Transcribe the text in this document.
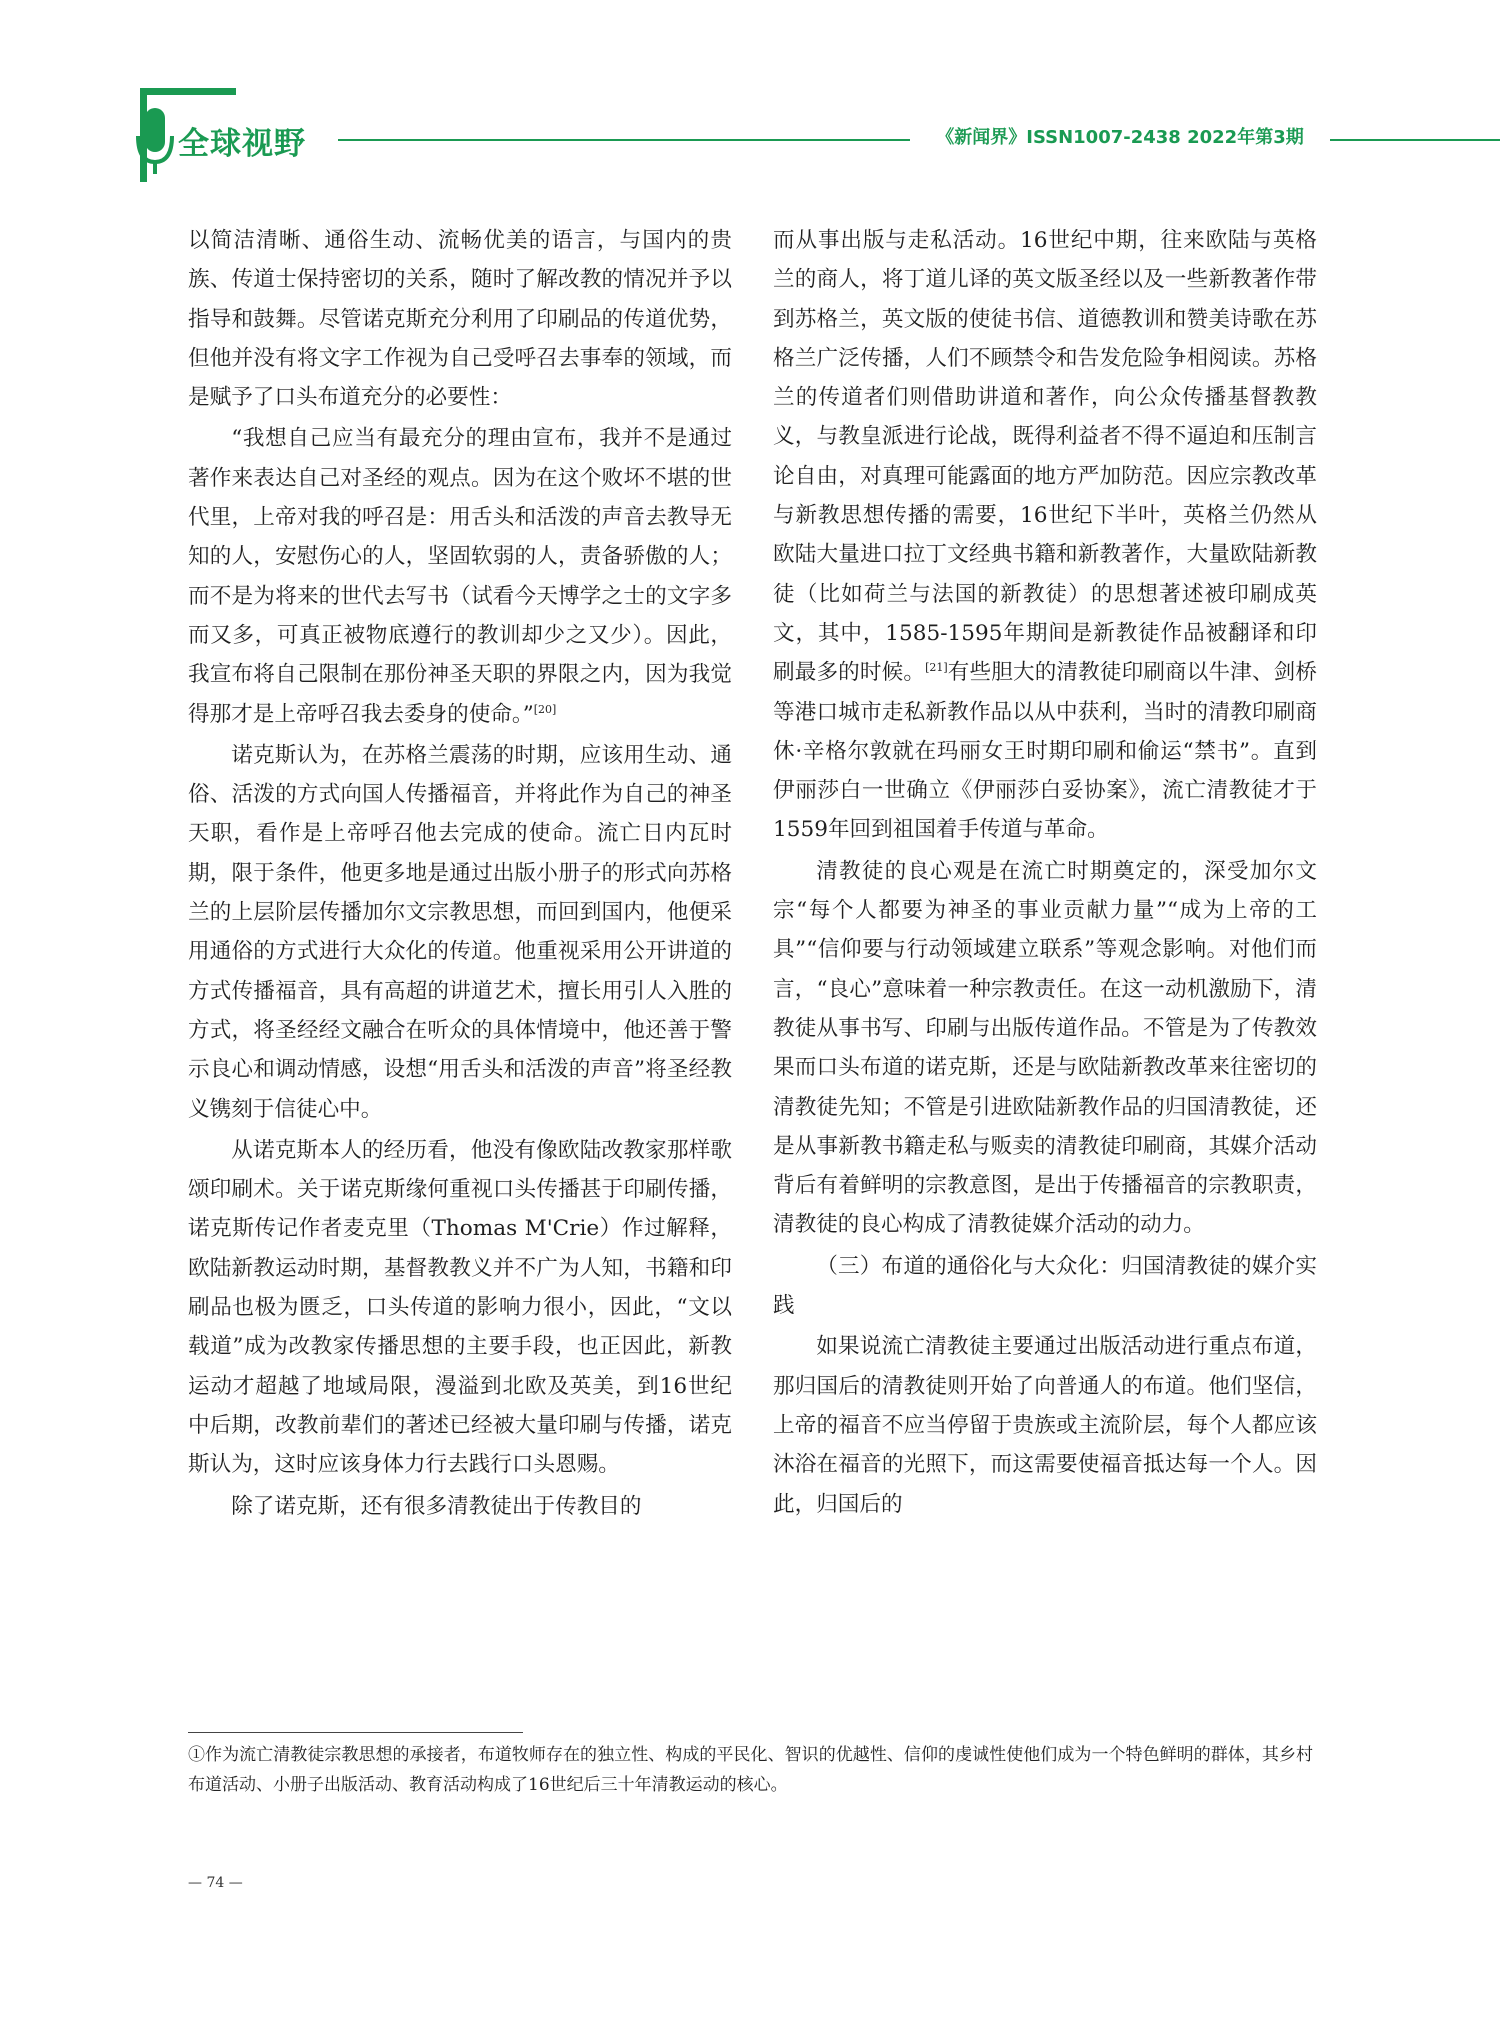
全球视野	《新闻界》ISSN1007-2438 2022年第3期

以简洁清晰、通俗生动、流畅优美的语言，与国内的贵族、传道士保持密切的关系，随时了解改教的情况并予以指导和鼓舞。尽管诺克斯充分利用了印刷品的传道优势，但他并没有将文字工作视为自己受呼召去事奉的领域，而是赋予了口头布道充分的必要性：

“我想自己应当有最充分的理由宣布，我并不是通过著作来表达自己对圣经的观点。因为在这个败坏不堪的世代里，上帝对我的呼召是：用舌头和活泼的声音去教导无知的人，安慰伤心的人，坚固软弱的人，责备骄傲的人；而不是为将来的世代去写书（试看今天博学之士的文字多而又多，可真正被物底遵行的教训却少之又少）。因此，我宣布将自己限制在那份神圣天职的界限之内，因为我觉得那才是上帝呼召我去委身的使命。”[20]

诺克斯认为，在苏格兰震荡的时期，应该用生动、通俗、活泼的方式向国人传播福音，并将此作为自己的神圣天职，看作是上帝呼召他去完成的使命。流亡日内瓦时期，限于条件，他更多地是通过出版小册子的形式向苏格兰的上层阶层传播加尔文宗教思想，而回到国内，他便采用通俗的方式进行大众化的传道。他重视采用公开讲道的方式传播福音，具有高超的讲道艺术，擅长用引人入胜的方式，将圣经经文融合在听众的具体情境中，他还善于警示良心和调动情感，设想“用舌头和活泼的声音”将圣经教义镌刻于信徒心中。

从诺克斯本人的经历看，他没有像欧陆改教家那样歌颂印刷术。关于诺克斯缘何重视口头传播甚于印刷传播，诺克斯传记作者麦克里（Thomas M'Crie）作过解释，欧陆新教运动时期，基督教教义并不广为人知，书籍和印刷品也极为匮乏，口头传道的影响力很小，因此，“文以载道”成为改教家传播思想的主要手段，也正因此，新教运动才超越了地域局限，漫溢到北欧及英美，到16世纪中后期，改教前辈们的著述已经被大量印刷与传播，诺克斯认为，这时应该身体力行去践行口头恩赐。

除了诺克斯，还有很多清教徒出于传教目的

而从事出版与走私活动。16世纪中期，往来欧陆与英格兰的商人，将丁道儿译的英文版圣经以及一些新教著作带到苏格兰，英文版的使徒书信、道德教训和赞美诗歌在苏格兰广泛传播，人们不顾禁令和告发危险争相阅读。苏格兰的传道者们则借助讲道和著作，向公众传播基督教教义，与教皇派进行论战，既得利益者不得不逼迫和压制言论自由，对真理可能露面的地方严加防范。因应宗教改革与新教思想传播的需要，16世纪下半叶，英格兰仍然从欧陆大量进口拉丁文经典书籍和新教著作，大量欧陆新教徒（比如荷兰与法国的新教徒）的思想著述被印刷成英文，其中，1585-1595年期间是新教徒作品被翻译和印刷最多的时候。[21]有些胆大的清教徒印刷商以牛津、剑桥等港口城市走私新教作品以从中获利，当时的清教印刷商休·辛格尔敦就在玛丽女王时期印刷和偷运“禁书”。直到伊丽莎白一世确立《伊丽莎白妥协案》，流亡清教徒才于1559年回到祖国着手传道与革命。

清教徒的良心观是在流亡时期奠定的，深受加尔文宗“每个人都要为神圣的事业贡献力量”“成为上帝的工具”“信仰要与行动领域建立联系”等观念影响。对他们而言，“良心”意味着一种宗教责任。在这一动机激励下，清教徒从事书写、印刷与出版传道作品。不管是为了传教效果而口头布道的诺克斯，还是与欧陆新教改革来往密切的清教徒先知；不管是引进欧陆新教作品的归国清教徒，还是从事新教书籍走私与贩卖的清教徒印刷商，其媒介活动背后有着鲜明的宗教意图，是出于传播福音的宗教职责，清教徒的良心构成了清教徒媒介活动的动力。

（三）布道的通俗化与大众化：归国清教徒的媒介实践

如果说流亡清教徒主要通过出版活动进行重点布道，那归国后的清教徒则开始了向普通人的布道。他们坚信，上帝的福音不应当停留于贵族或主流阶层，每个人都应该沐浴在福音的光照下，而这需要使福音抵达每一个人。因此，归国后的

①作为流亡清教徒宗教思想的承接者，布道牧师存在的独立性、构成的平民化、智识的优越性、信仰的虔诚性使他们成为一个特色鲜明的群体，其乡村布道活动、小册子出版活动、教育活动构成了16世纪后三十年清教运动的核心。
— 74 —
